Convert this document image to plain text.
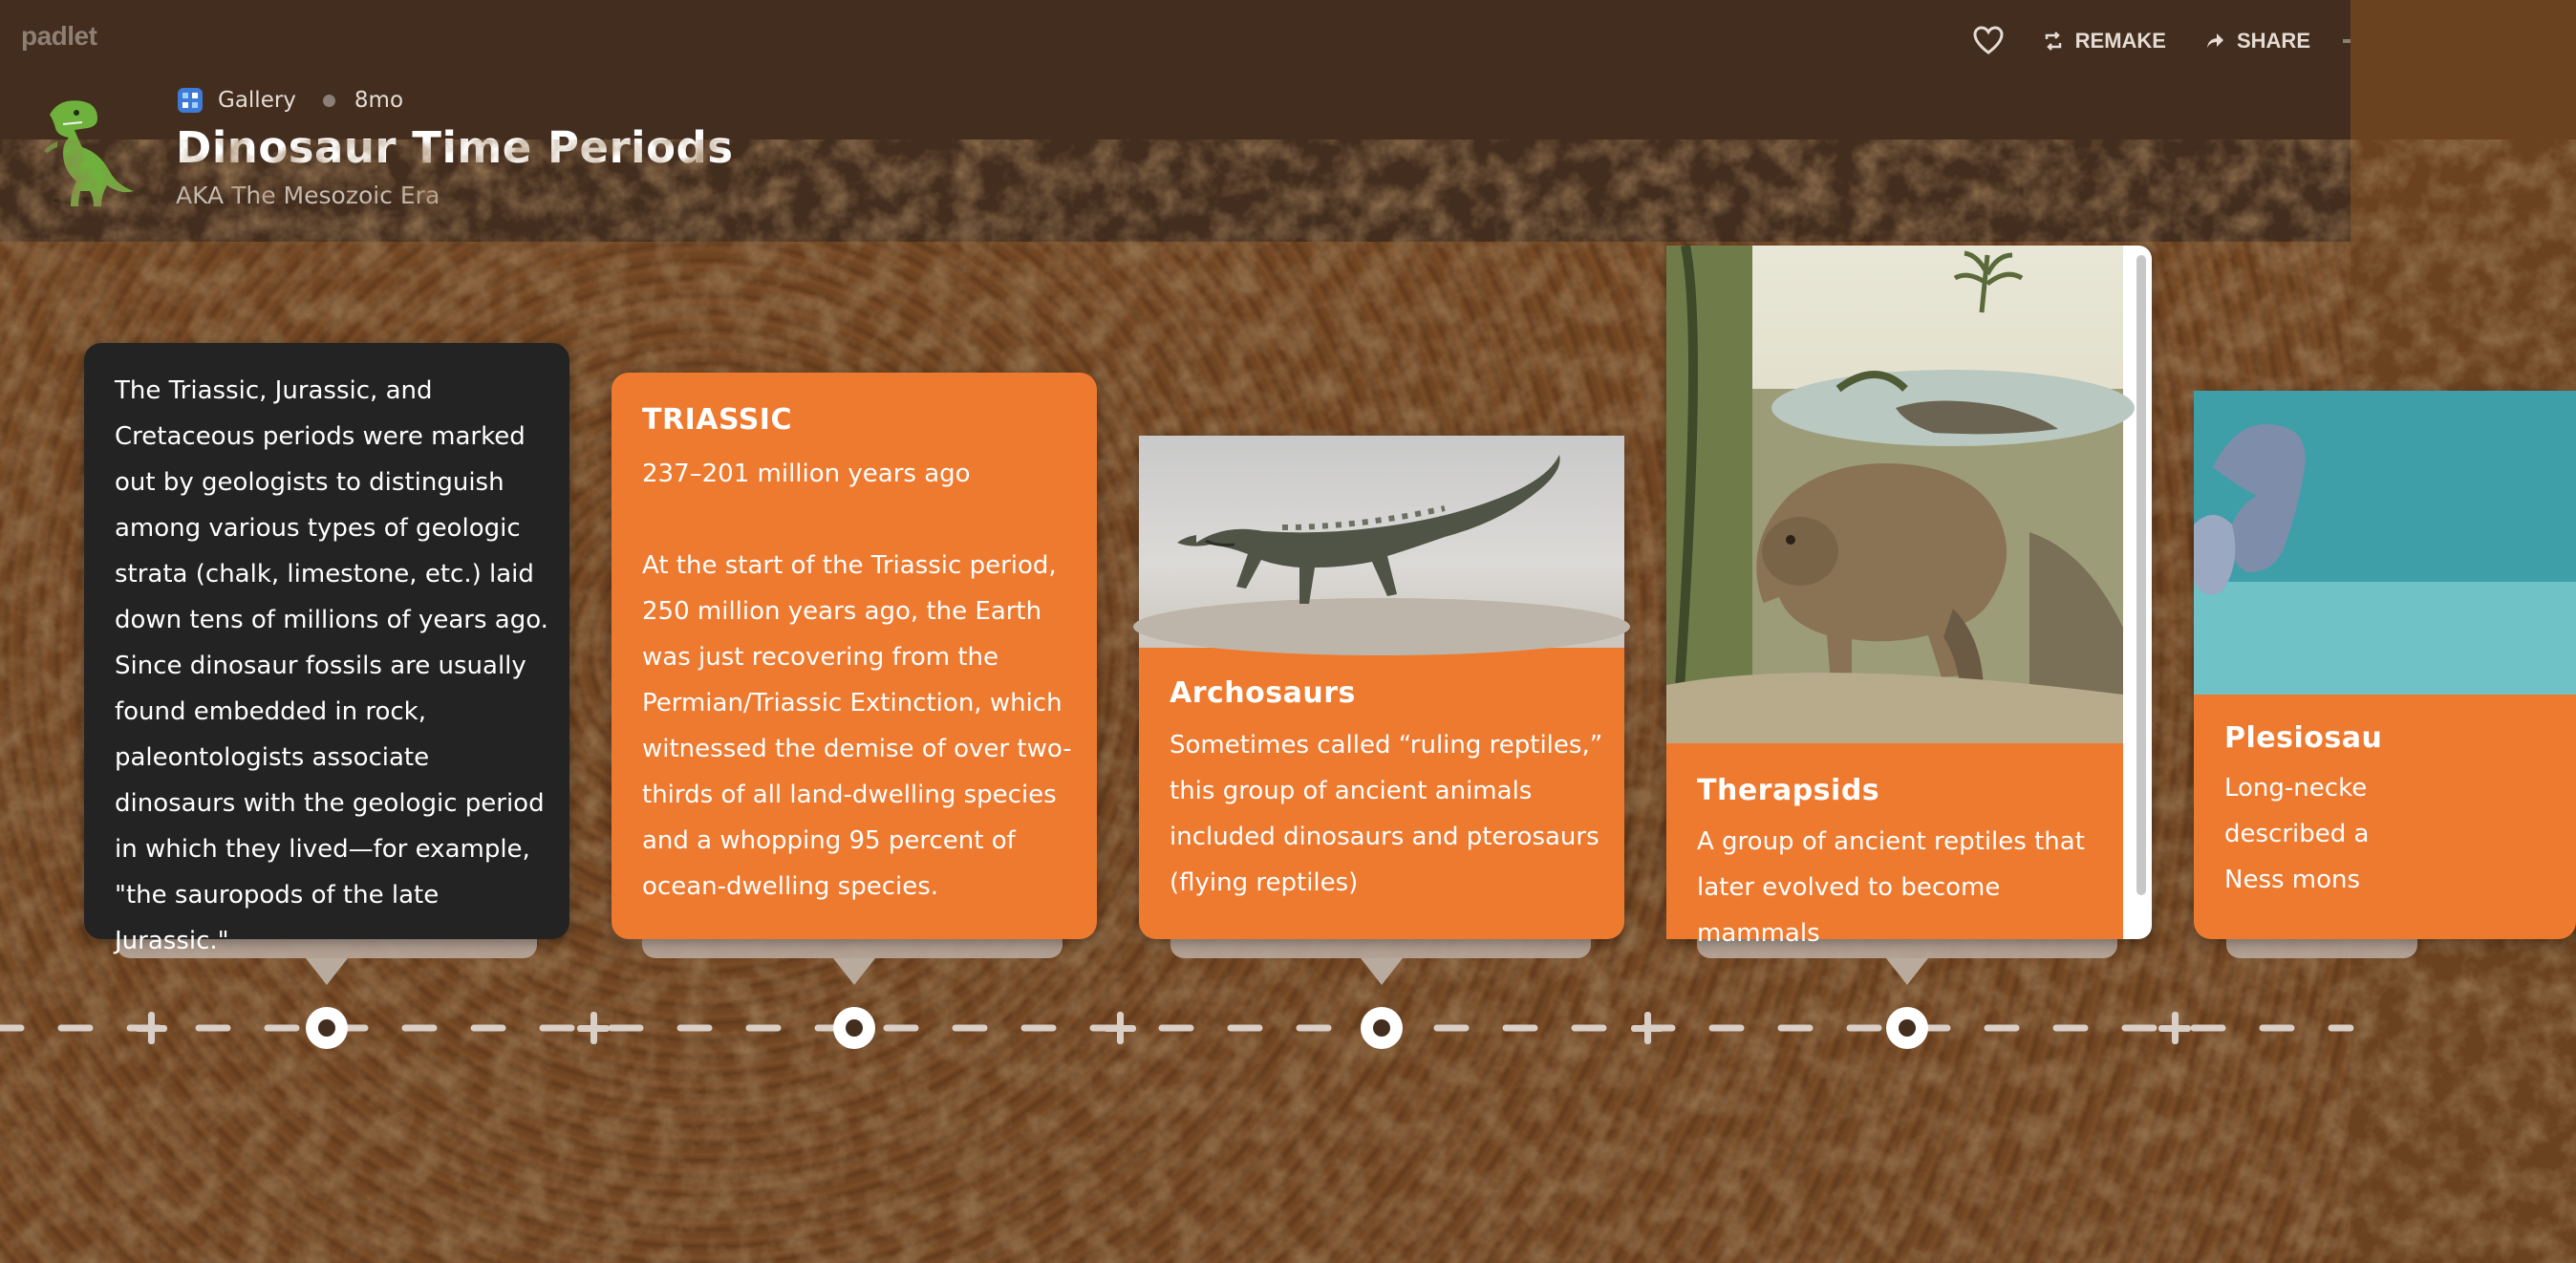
padlet
Gallery	8mo
Dinosaur Time Periods
AKA The Mesozoic Era
REMAKE	SHARE
The Triassic, Jurassic, and Cretaceous periods were marked out by geologists to distinguish among various types of geologic strata (chalk, limestone, etc.) laid down tens of millions of years ago. Since dinosaur fossils are usually found embedded in rock, paleontologists associate dinosaurs with the geologic period in which they lived—for example, "the sauropods of the late Jurassic."
TRIASSIC
237–201 million years ago
At the start of the Triassic period, 250 million years ago, the Earth was just recovering from the Permian/Triassic Extinction, which witnessed the demise of over two-thirds of all land-dwelling species and a whopping 95 percent of ocean-dwelling species.
Archosaurs
Sometimes called “ruling reptiles,” this group of ancient animals included dinosaurs and pterosaurs (flying reptiles)
Therapsids
A group of ancient reptiles that later evolved to become mammals
Plesiosau
Long-necke described a Ness mons
